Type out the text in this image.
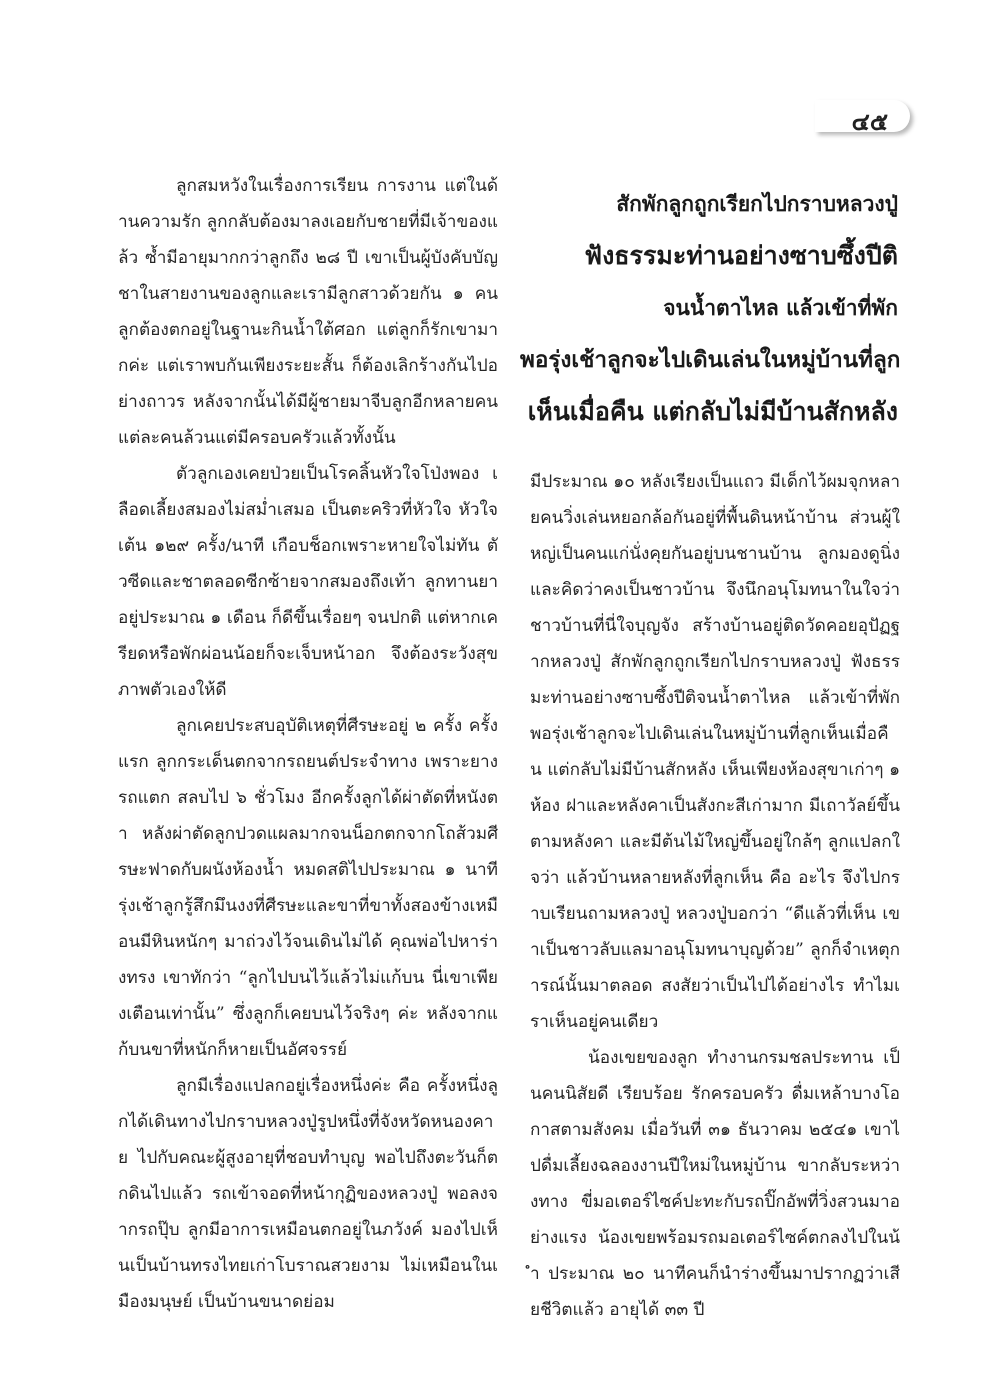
๔๕

ลูกสมหวังในเรื่องการเรียน การงาน แต่ในด้านความรัก ลูกกลับต้องมาลงเอยกับชายที่มีเจ้าของแล้ว ซ้ำมีอายุมากกว่าลูกถึง ๒๘ ปี เขาเป็นผู้บังคับบัญชาในสายงานของลูกและเรามีลูกสาวด้วยกัน ๑ คน ลูกต้องตกอยู่ในฐานะกินน้ำใต้ศอก แต่ลูกก็รักเขามากค่ะ แต่เราพบกันเพียงระยะสั้น ก็ต้องเลิกร้างกันไปอย่างถาวร หลังจากนั้นได้มีผู้ชายมาจีบลูกอีกหลายคน แต่ละคนล้วนแต่มีครอบครัวแล้วทั้งนั้น

ตัวลูกเองเคยป่วยเป็นโรคลิ้นหัวใจโป่งพอง เลือดเลี้ยงสมองไม่สม่ำเสมอ เป็นตะคริวที่หัวใจ หัวใจเต้น ๑๒๙ ครั้ง/นาที เกือบช็อกเพราะหายใจไม่ทัน ตัวซีดและชาตลอดซีกซ้ายจากสมองถึงเท้า ลูกทานยาอยู่ประมาณ ๑ เดือน ก็ดีขึ้นเรื่อยๆ จนปกติ แต่หากเครียดหรือพักผ่อนน้อยก็จะเจ็บหน้าอก จึงต้องระวังสุขภาพตัวเองให้ดี

ลูกเคยประสบอุบัติเหตุที่ศีรษะอยู่ ๒ ครั้ง ครั้งแรก ลูกกระเด็นตกจากรถยนต์ประจำทาง เพราะยางรถแตก สลบไป ๖ ชั่วโมง อีกครั้งลูกได้ผ่าตัดที่หนังตา หลังผ่าตัดลูกปวดแผลมากจนน็อกตกจากโถส้วมศีรษะฟาดกับผนังห้องน้ำ หมดสติไปประมาณ ๑ นาที รุ่งเช้าลูกรู้สึกมึนงงที่ศีรษะและขาที่ขาทั้งสองข้างเหมือนมีหินหนักๆ มาถ่วงไว้จนเดินไม่ได้ คุณพ่อไปหาร่างทรง เขาทักว่า “ลูกไปบนไว้แล้วไม่แก้บน นี่เขาเพียงเตือนเท่านั้น” ซึ่งลูกก็เคยบนไว้จริงๆ ค่ะ หลังจากแก้บนขาที่หนักก็หายเป็นอัศจรรย์

ลูกมีเรื่องแปลกอยู่เรื่องหนึ่งค่ะ คือ ครั้งหนึ่งลูกได้เดินทางไปกราบหลวงปู่รูปหนึ่งที่จังหวัดหนองคาย ไปกับคณะผู้สูงอายุที่ชอบทำบุญ พอไปถึงตะวันก็ตกดินไปแล้ว รถเข้าจอดที่หน้ากุฏิของหลวงปู่ พอลงจากรถปุ๊บ ลูกมีอาการเหมือนตกอยู่ในภวังค์ มองไปเห็นเป็นบ้านทรงไทยเก่าโบราณสวยงาม ไม่เหมือนในเมืองมนุษย์ เป็นบ้านขนาดย่อม

สักพักลูกถูกเรียกไปกราบหลวงปู่

ฟังธรรมะท่านอย่างซาบซึ้งปีติ

จนน้ำตาไหล แล้วเข้าที่พัก

พอรุ่งเช้าลูกจะไปเดินเล่นในหมู่บ้านที่ลูก

เห็นเมื่อคืน แต่กลับไม่มีบ้านสักหลัง

มีประมาณ ๑๐ หลังเรียงเป็นแถว มีเด็กไว้ผมจุกหลายคนวิ่งเล่นหยอกล้อกันอยู่ที่พื้นดินหน้าบ้าน ส่วนผู้ใหญ่เป็นคนแก่นั่งคุยกันอยู่บนชานบ้าน ลูกมองดูนิ่ง และคิดว่าคงเป็นชาวบ้าน จึงนึกอนุโมทนาในใจว่า ชาวบ้านที่นี่ใจบุญจัง สร้างบ้านอยู่ติดวัดคอยอุปัฏฐากหลวงปู่ สักพักลูกถูกเรียกไปกราบหลวงปู่ ฟังธรรมะท่านอย่างซาบซึ้งปีติจนน้ำตาไหล แล้วเข้าที่พัก พอรุ่งเช้าลูกจะไปเดินเล่นในหมู่บ้านที่ลูกเห็นเมื่อคืน แต่กลับไม่มีบ้านสักหลัง เห็นเพียงห้องสุขาเก่าๆ ๑ ห้อง ฝาและหลังคาเป็นสังกะสีเก่ามาก มีเถาวัลย์ขึ้นตามหลังคา และมีต้นไม้ใหญ่ขึ้นอยู่ใกล้ๆ ลูกแปลกใจว่า แล้วบ้านหลายหลังที่ลูกเห็น คือ อะไร จึงไปกราบเรียนถามหลวงปู่ หลวงปู่บอกว่า “ดีแล้วที่เห็น เขาเป็นชาวลับแลมาอนุโมทนาบุญด้วย” ลูกก็จำเหตุการณ์นั้นมาตลอด สงสัยว่าเป็นไปได้อย่างไร ทำไมเราเห็นอยู่คนเดียว

น้องเขยของลูก ทำงานกรมชลประทาน เป็นคนนิสัยดี เรียบร้อย รักครอบครัว ดื่มเหล้าบางโอกาสตามสังคม เมื่อวันที่ ๓๑ ธันวาคม ๒๕๔๑ เขาไปดื่มเลี้ยงฉลองงานปีใหม่ในหมู่บ้าน ขากลับระหว่างทาง ขี่มอเตอร์ไซค์ปะทะกับรถปิ๊กอัพที่วิ่งสวนมาอย่างแรง น้องเขยพร้อมรถมอเตอร์ไซค์ตกลงไปในน้ำ ประมาณ ๒๐ นาทีคนก็นำร่างขึ้นมาปรากฏว่าเสียชีวิตแล้ว อายุได้ ๓๓ ปี
